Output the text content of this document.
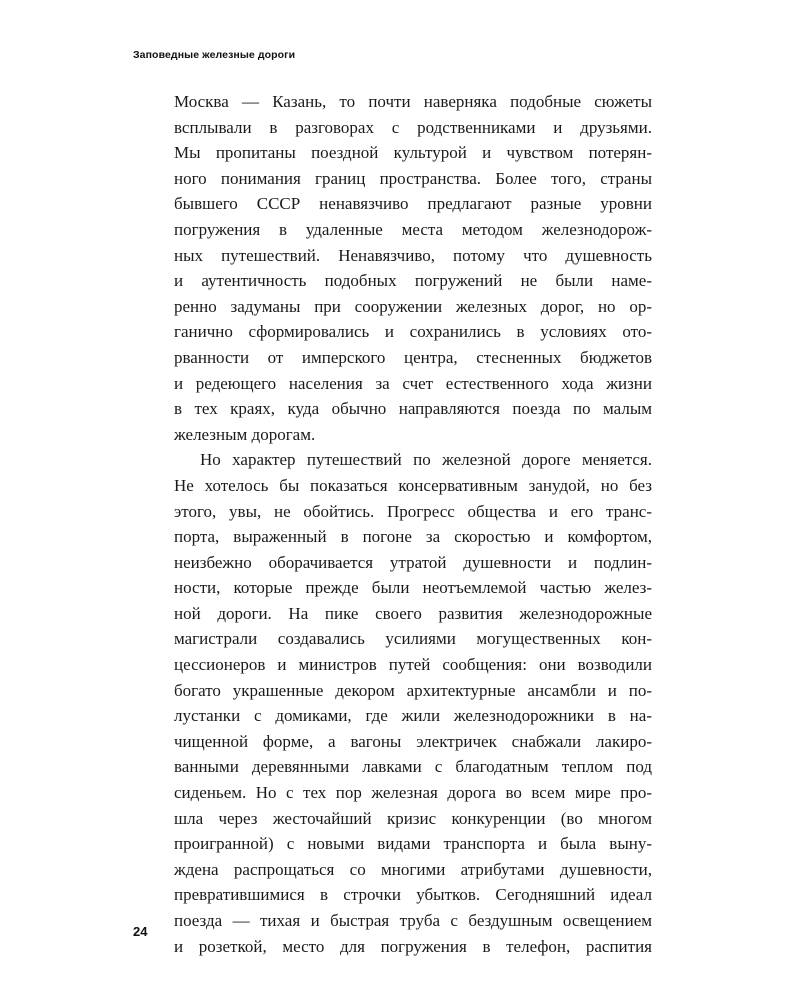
Заповедные железные дороги
Москва — Казань, то почти наверняка подобные сюжеты
всплывали в разговорах с родственниками и друзьями.
Мы пропитаны поездной культурой и чувством потерян-
ного понимания границ пространства. Более того, страны
бывшего СССР ненавязчиво предлагают разные уровни
погружения в удаленные места методом железнодорож-
ных путешествий. Ненавязчиво, потому что душевность
и аутентичность подобных погружений не были наме-
ренно задуманы при сооружении железных дорог, но ор-
ганично сформировались и сохранились в условиях ото-
рванности от имперского центра, стесненных бюджетов
и редеющего населения за счет естественного хода жизни
в тех краях, куда обычно направляются поезда по малым
железным дорогам.
Но характер путешествий по железной дороге меняется.
Не хотелось бы показаться консервативным занудой, но без
этого, увы, не обойтись. Прогресс общества и его транс-
порта, выраженный в погоне за скоростью и комфортом,
неизбежно оборачивается утратой душевности и подлин-
ности, которые прежде были неотъемлемой частью желез-
ной дороги. На пике своего развития железнодорожные
магистрали создавались усилиями могущественных кон-
цессионеров и министров путей сообщения: они возводили
богато украшенные декором архитектурные ансамбли и по-
лустанки с домиками, где жили железнодорожники в на-
чищенной форме, а вагоны электричек снабжали лакиро-
ванными деревянными лавками с благодатным теплом под
сиденьем. Но с тех пор железная дорога во всем мире про-
шла через жесточайший кризис конкуренции (во многом
проигранной) с новыми видами транспорта и была выну-
ждена распрощаться со многими атрибутами душевности,
превратившимися в строчки убытков. Сегодняшний идеал
поезда — тихая и быстрая труба с бездушным освещением
и розеткой, место для погружения в телефон, распития
24
